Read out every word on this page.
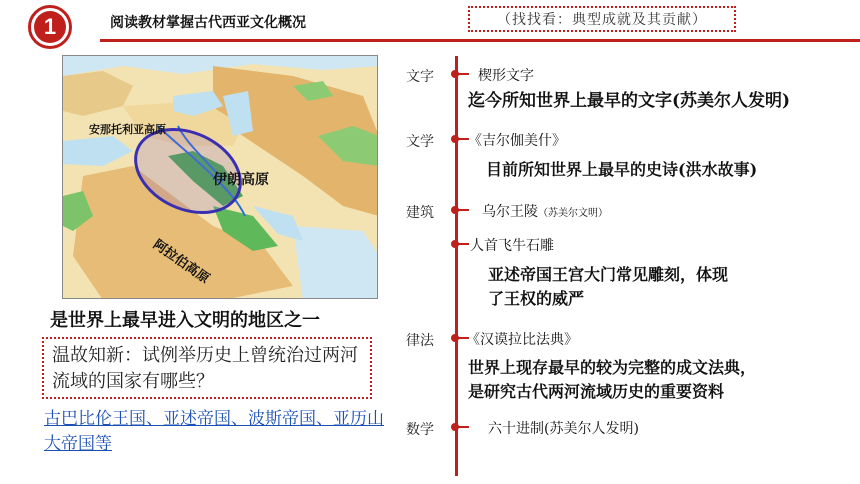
1	阅读教材掌握古代西亚文化概况	（找找看：典型成就及其贡献）
安那托利亚高原
伊朗高原
阿拉伯高原
是世界上最早进入文明的地区之一
温故知新：试例举历史上曾统治过两河流域的国家有哪些？
古巴比伦王国、亚述帝国、波斯帝国、亚历山大帝国等
文字	楔形文字
迄今所知世界上最早的文字(苏美尔人发明)
文学 《吉尔伽美什》
目前所知世界上最早的史诗(洪水故事)
建筑	乌尔王陵（苏美尔文明）
人首飞牛石雕
亚述帝国王宫大门常见雕刻，体现
了王权的威严
律法 《汉谟拉比法典》
世界上现存最早的较为完整的成文法典，
是研究古代两河流域历史的重要资料
数学	六十进制(苏美尔人发明)
